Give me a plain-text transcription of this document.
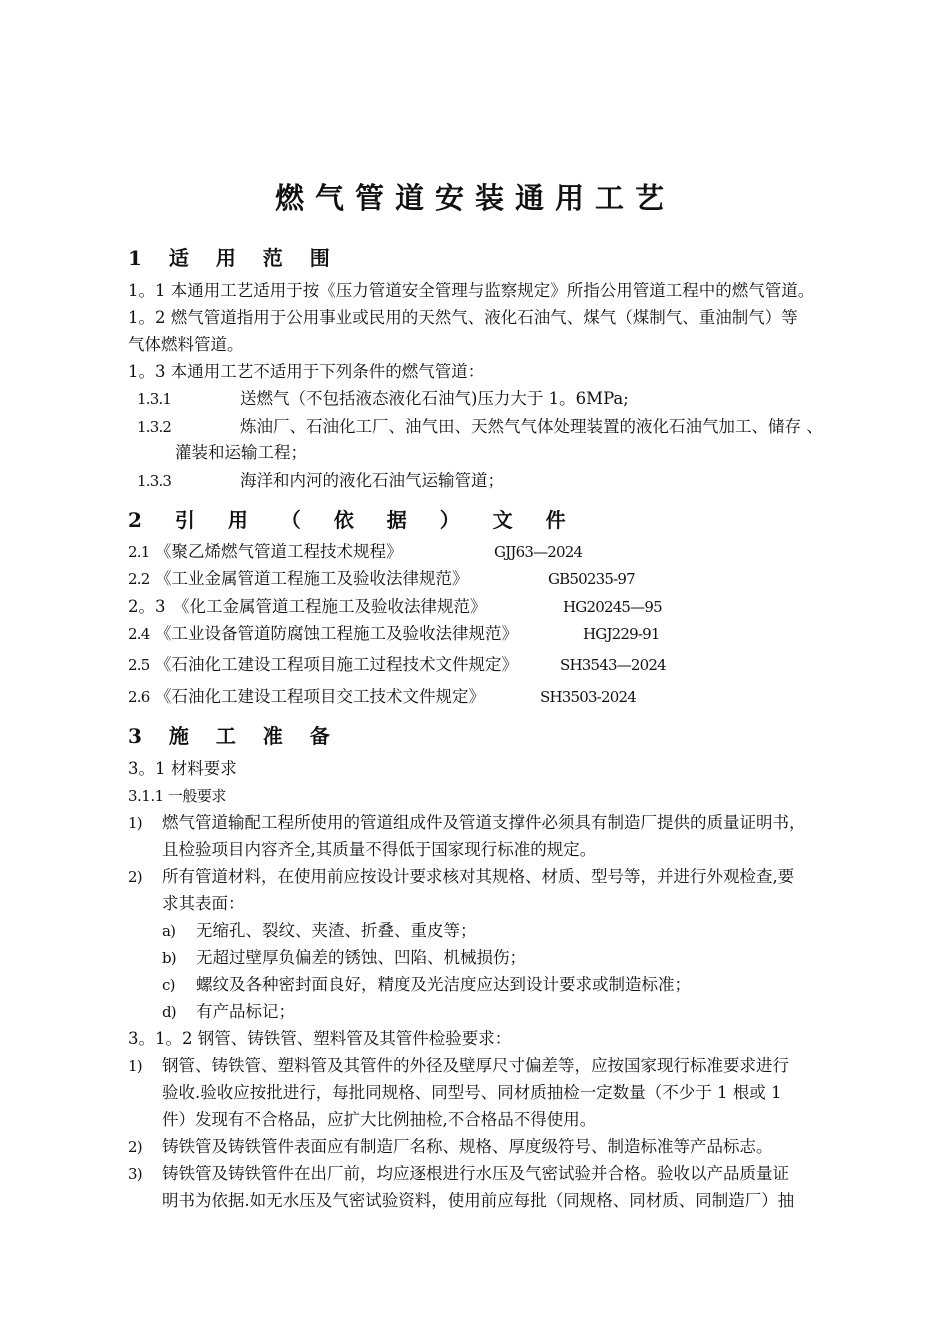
燃气管道安装通用工艺
1 适 用 范 围
1。1 本通用工艺适用于按《压力管道安全管理与监察规定》所指公用管道工程中的燃气管道。
1。2 燃气管道指用于公用事业或民用的天然气、液化石油气、煤气（煤制气、重油制气）等
气体燃料管道。
1。3 本通用工艺不适用于下列条件的燃气管道：
1.3.1	送燃气（不包括液态液化石油气)压力大于 1。6MPa;
1.3.2	炼油厂、石油化工厂、油气田、天然气气体处理装置的液化石油气加工、储存 、
灌装和运输工程；
1.3.3	海洋和内河的液化石油气运输管道；
2 引 用 （ 依 据 ） 文 件
2.1 《聚乙烯燃气管道工程技术规程》	GJJ63—2024
2.2 《工业金属管道工程施工及验收法律规范》	GB50235-97
2。3 《化工金属管道工程施工及验收法律规范》	HG20245—95
2.4 《工业设备管道防腐蚀工程施工及验收法律规范》	HGJ229-91
2.5 《石油化工建设工程项目施工过程技术文件规定》	SH3543—2024
2.6 《石油化工建设工程项目交工技术文件规定》	SH3503-2024
3 施 工 准 备
3。1 材料要求
3.1.1 一般要求
1) 燃气管道输配工程所使用的管道组成件及管道支撑件必须具有制造厂提供的质量证明书，
且检验项目内容齐全,其质量不得低于国家现行标准的规定。
2) 所有管道材料，在使用前应按设计要求核对其规格、材质、型号等，并进行外观检查,要
求其表面：
a) 无缩孔、裂纹、夹渣、折叠、重皮等；
b) 无超过壁厚负偏差的锈蚀、凹陷、机械损伤；
c) 螺纹及各种密封面良好，精度及光洁度应达到设计要求或制造标准；
d) 有产品标记；
3。1。2 钢管、铸铁管、塑料管及其管件检验要求：
1) 钢管、铸铁管、塑料管及其管件的外径及壁厚尺寸偏差等，应按国家现行标准要求进行
验收.验收应按批进行，每批同规格、同型号、同材质抽检一定数量（不少于 1 根或 1
件）发现有不合格品，应扩大比例抽检,不合格品不得使用。
2) 铸铁管及铸铁管件表面应有制造厂名称、规格、厚度级符号、制造标准等产品标志。
3) 铸铁管及铸铁管件在出厂前，均应逐根进行水压及气密试验并合格。验收以产品质量证
明书为依据.如无水压及气密试验资料，使用前应每批（同规格、同材质、同制造厂）抽
